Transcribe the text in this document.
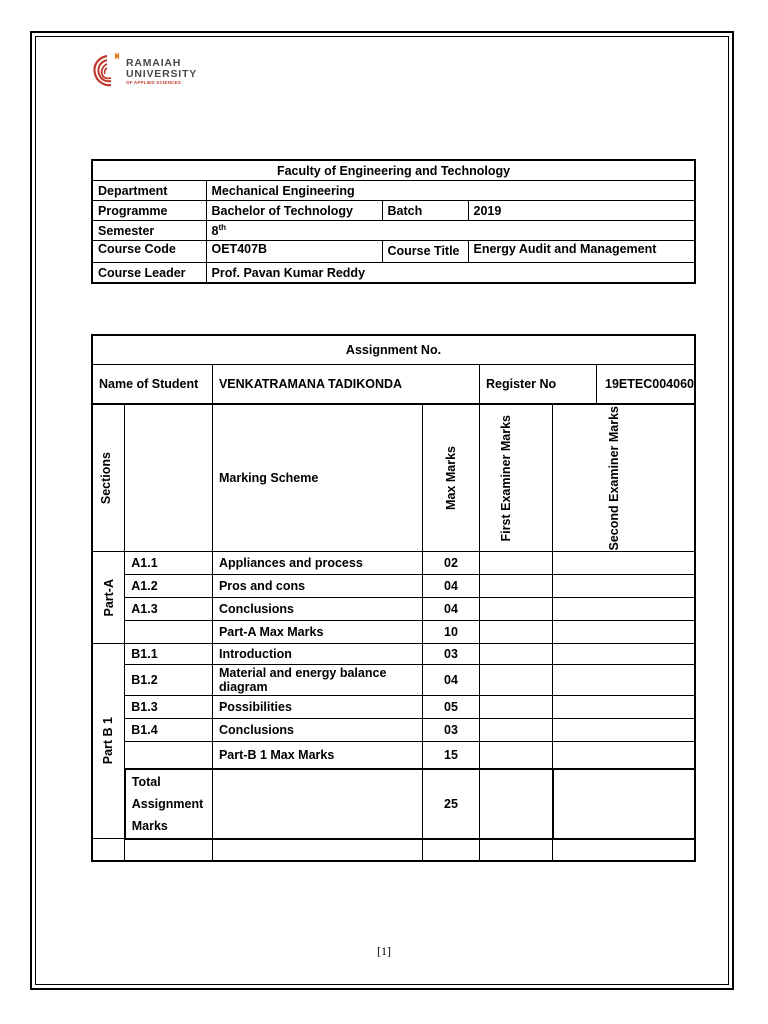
RAMAIAH
UNIVERSITY
OF APPLIED SCIENCES
Faculty of Engineering and Technology			
Department	Mechanical Engineering		
Programme	Bachelor of Technology	Batch	2019
Semester	8th
Course Code	OET407B	Course Title	Energy Audit and Management
Course Leader	Prof. Pavan Kumar Reddy		
Assignment No.					
Name of Student		VENKATRAMANA TADIKONDA		Register No 19ETEC004060	

Sections		Marking Scheme	Max Marks	First Examiner Marks	Second Examiner Marks

Part-A	A1.1	Appliances and process	02		
	A1.2	Pros and cons	04		
	A1.3	Conclusions	04		
		Part-A Max Marks	10		

Part B 1	B1.1	Introduction	03		
	B1.2	Material and energy balance diagram	04		
	B1.3	Possibilities	05		
	B1.4	Conclusions	03		
		Part-B 1 Max Marks	15		
	Total Assignment Marks		25		

[1]
